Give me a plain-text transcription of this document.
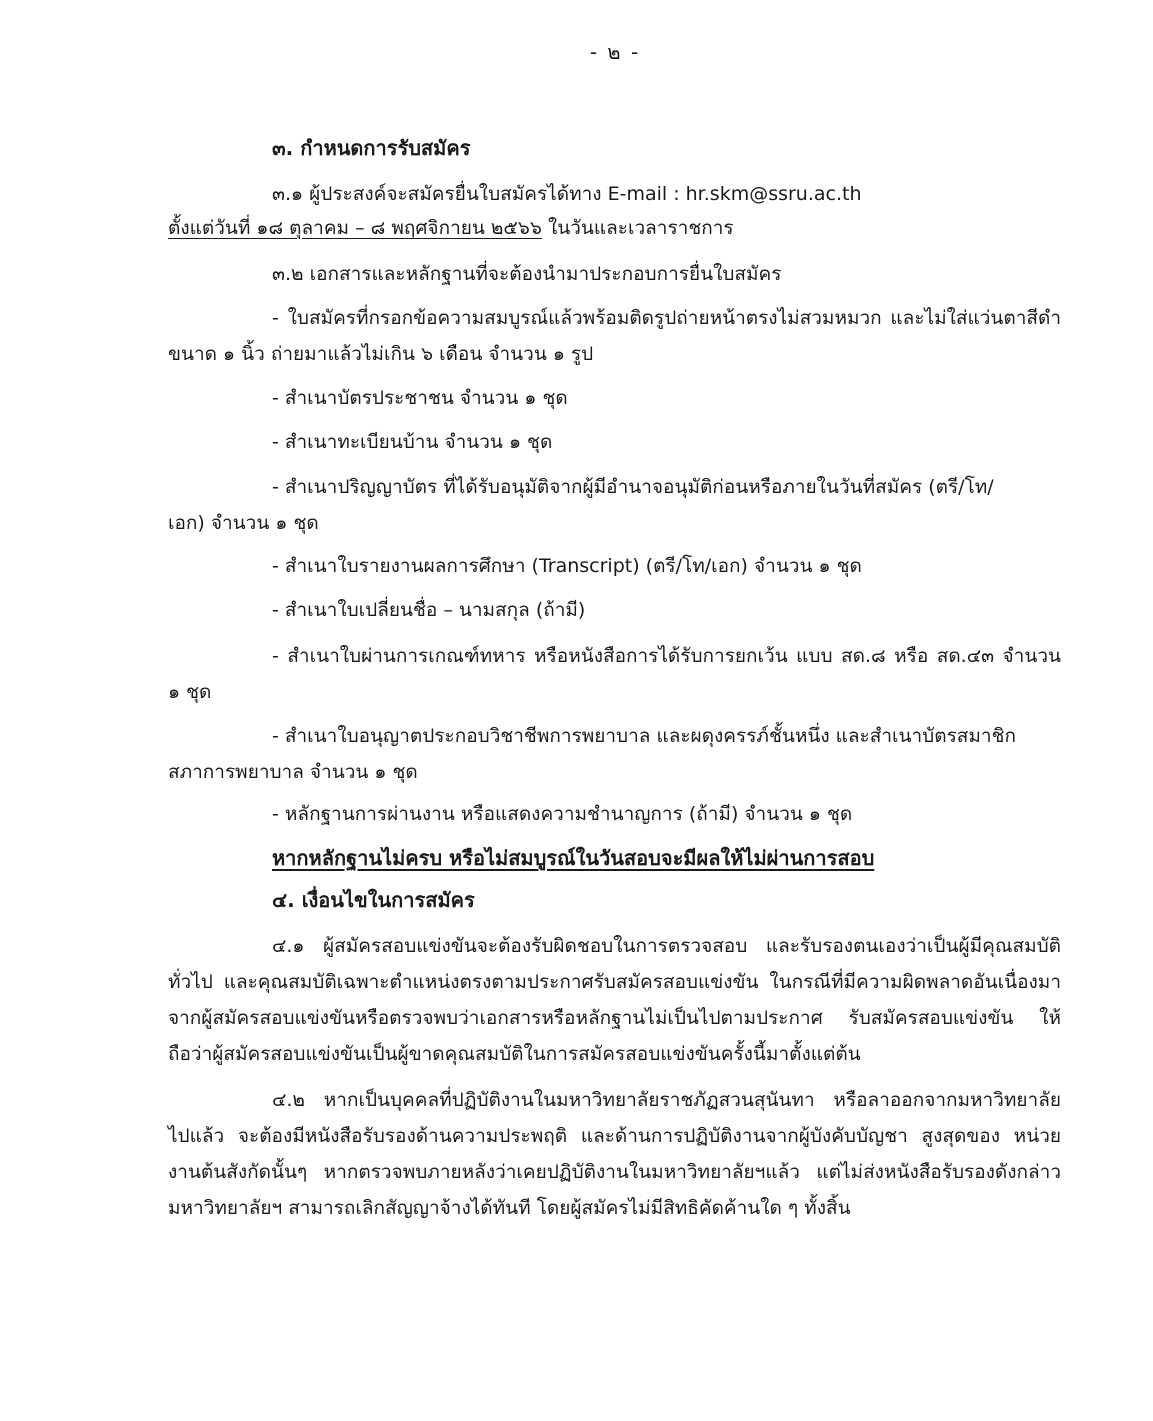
- ๒ -
๓. กำหนดการรับสมัคร
๓.๑ ผู้ประสงค์จะสมัครยื่นใบสมัครได้ทาง E-mail : hr.skm@ssru.ac.th
ตั้งแต่วันที่ ๑๘ ตุลาคม – ๘ พฤศจิกายน ๒๕๖๖ ในวันและเวลาราชการ
๓.๒ เอกสารและหลักฐานที่จะต้องนำมาประกอบการยื่นใบสมัคร
- ใบสมัครที่กรอกข้อความสมบูรณ์แล้วพร้อมติดรูปถ่ายหน้าตรงไม่สวมหมวก และไม่ใส่แว่นตาสีดำ
ขนาด ๑ นิ้ว ถ่ายมาแล้วไม่เกิน ๖ เดือน จำนวน ๑ รูป
- สำเนาบัตรประชาชน จำนวน ๑ ชุด
- สำเนาทะเบียนบ้าน จำนวน ๑ ชุด
- สำเนาปริญญาบัตร ที่ได้รับอนุมัติจากผู้มีอำนาจอนุมัติก่อนหรือภายในวันที่สมัคร (ตรี/โท/
เอก) จำนวน ๑ ชุด
- สำเนาใบรายงานผลการศึกษา (Transcript) (ตรี/โท/เอก) จำนวน ๑ ชุด
- สำเนาใบเปลี่ยนชื่อ – นามสกุล (ถ้ามี)
- สำเนาใบผ่านการเกณฑ์ทหาร หรือหนังสือการได้รับการยกเว้น แบบ สด.๘ หรือ สด.๔๓ จำนวน
๑ ชุด
- สำเนาใบอนุญาตประกอบวิชาชีพการพยาบาล และผดุงครรภ์ชั้นหนึ่ง และสำเนาบัตรสมาชิก
สภาการพยาบาล จำนวน ๑ ชุด
- หลักฐานการผ่านงาน หรือแสดงความชำนาญการ (ถ้ามี) จำนวน ๑ ชุด
หากหลักฐานไม่ครบ หรือไม่สมบูรณ์ในวันสอบจะมีผลให้ไม่ผ่านการสอบ
๔. เงื่อนไขในการสมัคร
๔.๑ ผู้สมัครสอบแข่งขันจะต้องรับผิดชอบในการตรวจสอบ และรับรองตนเองว่าเป็นผู้มีคุณสมบัติ
ทั่วไป และคุณสมบัติเฉพาะตำแหน่งตรงตามประกาศรับสมัครสอบแข่งขัน ในกรณีที่มีความผิดพลาดอันเนื่องมา
จากผู้สมัครสอบแข่งขันหรือตรวจพบว่าเอกสารหรือหลักฐานไม่เป็นไปตามประกาศ รับสมัครสอบแข่งขัน ให้
ถือว่าผู้สมัครสอบแข่งขันเป็นผู้ขาดคุณสมบัติในการสมัครสอบแข่งขันครั้งนี้มาตั้งแต่ต้น
๔.๒ หากเป็นบุคคลที่ปฏิบัติงานในมหาวิทยาลัยราชภัฏสวนสุนันทา หรือลาออกจากมหาวิทยาลัย
ไปแล้ว จะต้องมีหนังสือรับรองด้านความประพฤติ และด้านการปฏิบัติงานจากผู้บังคับบัญชา สูงสุดของ หน่วย
งานต้นสังกัดนั้นๆ หากตรวจพบภายหลังว่าเคยปฏิบัติงานในมหาวิทยาลัยฯแล้ว แต่ไม่ส่งหนังสือรับรองดังกล่าว
มหาวิทยาลัยฯ สามารถเลิกสัญญาจ้างได้ทันที โดยผู้สมัครไม่มีสิทธิคัดค้านใด ๆ ทั้งสิ้น
